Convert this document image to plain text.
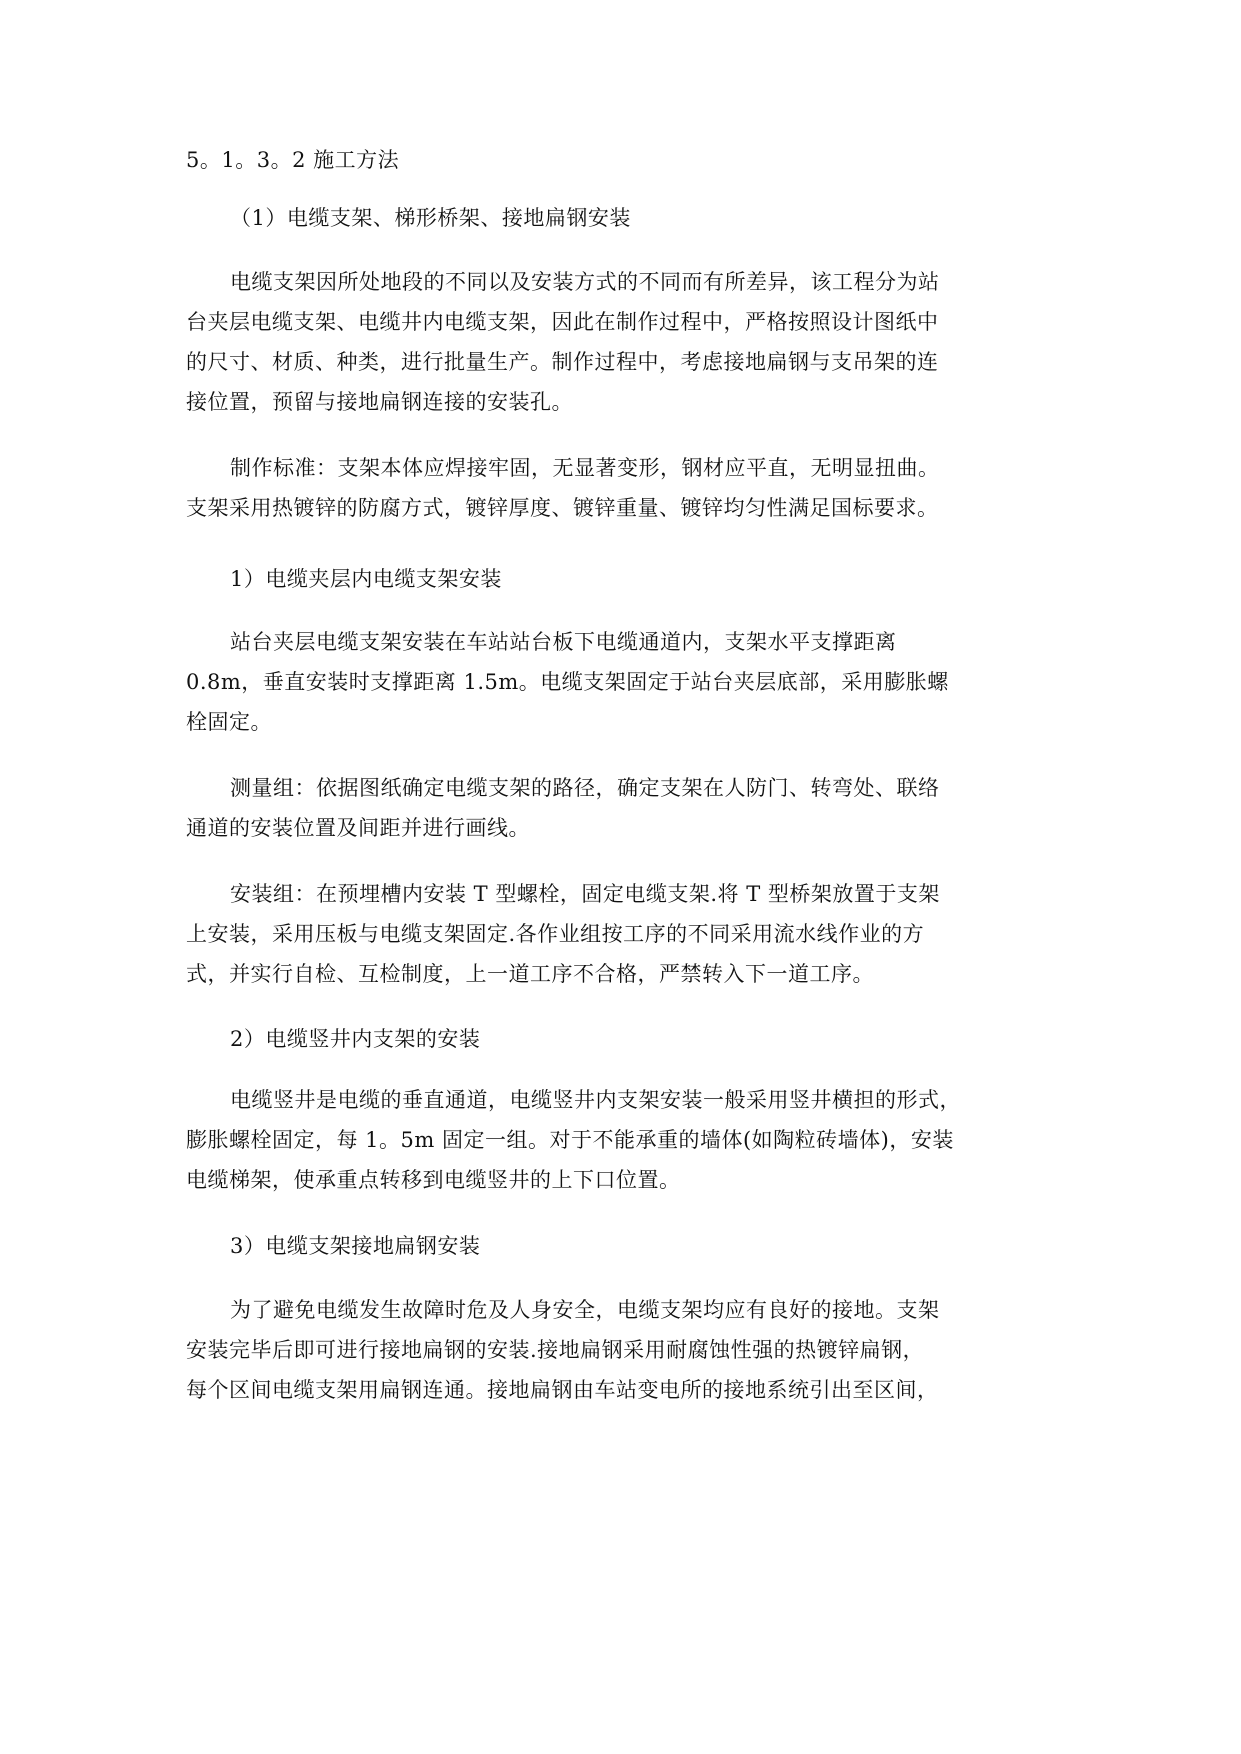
5。1。3。2 施工方法
（1）电缆支架、梯形桥架、接地扁钢安装
电缆支架因所处地段的不同以及安装方式的不同而有所差异，该工程分为站
台夹层电缆支架、电缆井内电缆支架，因此在制作过程中，严格按照设计图纸中
的尺寸、材质、种类，进行批量生产。制作过程中，考虑接地扁钢与支吊架的连
接位置，预留与接地扁钢连接的安装孔。
制作标准：支架本体应焊接牢固，无显著变形，钢材应平直，无明显扭曲。
支架采用热镀锌的防腐方式，镀锌厚度、镀锌重量、镀锌均匀性满足国标要求。
1）电缆夹层内电缆支架安装
站台夹层电缆支架安装在车站站台板下电缆通道内，支架水平支撑距离
0.8m，垂直安装时支撑距离 1.5m。电缆支架固定于站台夹层底部，采用膨胀螺
栓固定。
测量组：依据图纸确定电缆支架的路径，确定支架在人防门、转弯处、联络
通道的安装位置及间距并进行画线。
安装组：在预埋槽内安装 T 型螺栓，固定电缆支架.将 T 型桥架放置于支架
上安装，采用压板与电缆支架固定.各作业组按工序的不同采用流水线作业的方
式，并实行自检、互检制度，上一道工序不合格，严禁转入下一道工序。
2）电缆竖井内支架的安装
电缆竖井是电缆的垂直通道，电缆竖井内支架安装一般采用竖井横担的形式，
膨胀螺栓固定，每 1。5m 固定一组。对于不能承重的墙体(如陶粒砖墙体)，安装
电缆梯架，使承重点转移到电缆竖井的上下口位置。
3）电缆支架接地扁钢安装
为了避免电缆发生故障时危及人身安全，电缆支架均应有良好的接地。支架
安装完毕后即可进行接地扁钢的安装.接地扁钢采用耐腐蚀性强的热镀锌扁钢，
每个区间电缆支架用扁钢连通。接地扁钢由车站变电所的接地系统引出至区间，
